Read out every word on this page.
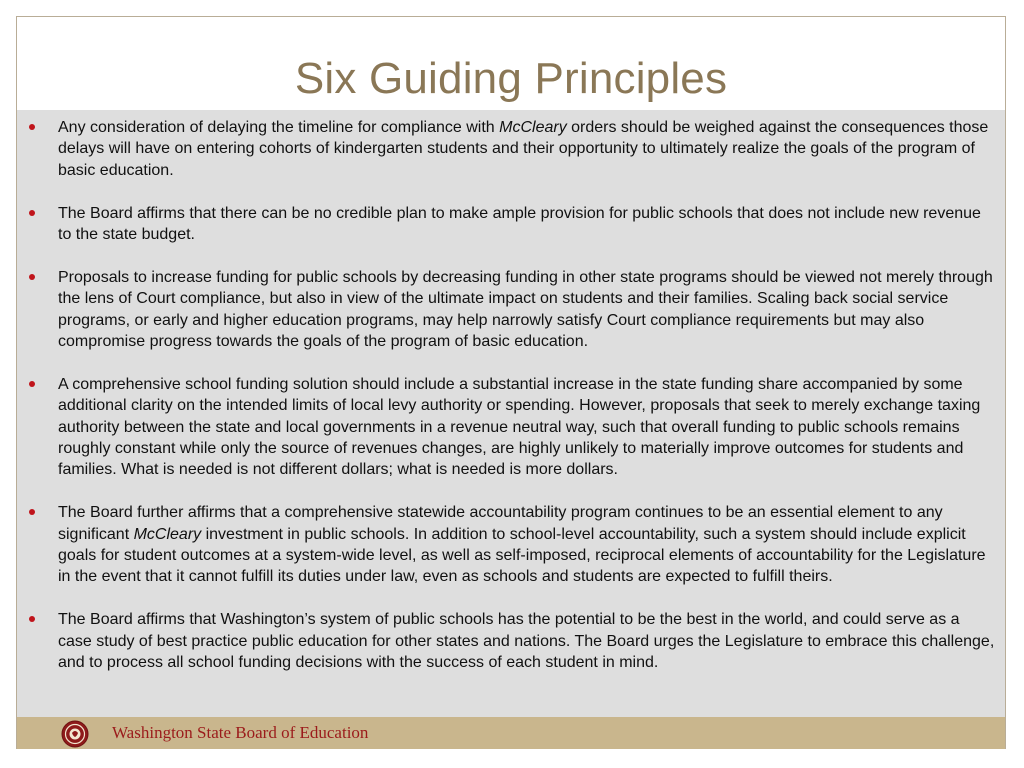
Six Guiding Principles
Any consideration of delaying the timeline for compliance with McCleary orders should be weighed against the consequences those delays will have on entering cohorts of kindergarten students and their opportunity to ultimately realize the goals of the program of basic education.
The Board affirms that there can be no credible plan to make ample provision for public schools that does not include new revenue to the state budget.
Proposals to increase funding for public schools by decreasing funding in other state programs should be viewed not merely through the lens of Court compliance, but also in view of the ultimate impact on students and their families. Scaling back social service programs, or early and higher education programs, may help narrowly satisfy Court compliance requirements but may also compromise progress towards the goals of the program of basic education.
A comprehensive school funding solution should include a substantial increase in the state funding share accompanied by some additional clarity on the intended limits of local levy authority or spending. However, proposals that seek to merely exchange taxing authority between the state and local governments in a revenue neutral way, such that overall funding to public schools remains roughly constant while only the source of revenues changes, are highly unlikely to materially improve outcomes for students and families. What is needed is not different dollars; what is needed is more dollars.
The Board further affirms that a comprehensive statewide accountability program continues to be an essential element to any significant McCleary investment in public schools. In addition to school-level accountability, such a system should include explicit goals for student outcomes at a system-wide level, as well as self-imposed, reciprocal elements of accountability for the Legislature in the event that it cannot fulfill its duties under law, even as schools and students are expected to fulfill theirs.
The Board affirms that Washington’s system of public schools has the potential to be the best in the world, and could serve as a case study of best practice public education for other states and nations. The Board urges the Legislature to embrace this challenge, and to process all school funding decisions with the success of each student in mind.
Washington State Board of Education
